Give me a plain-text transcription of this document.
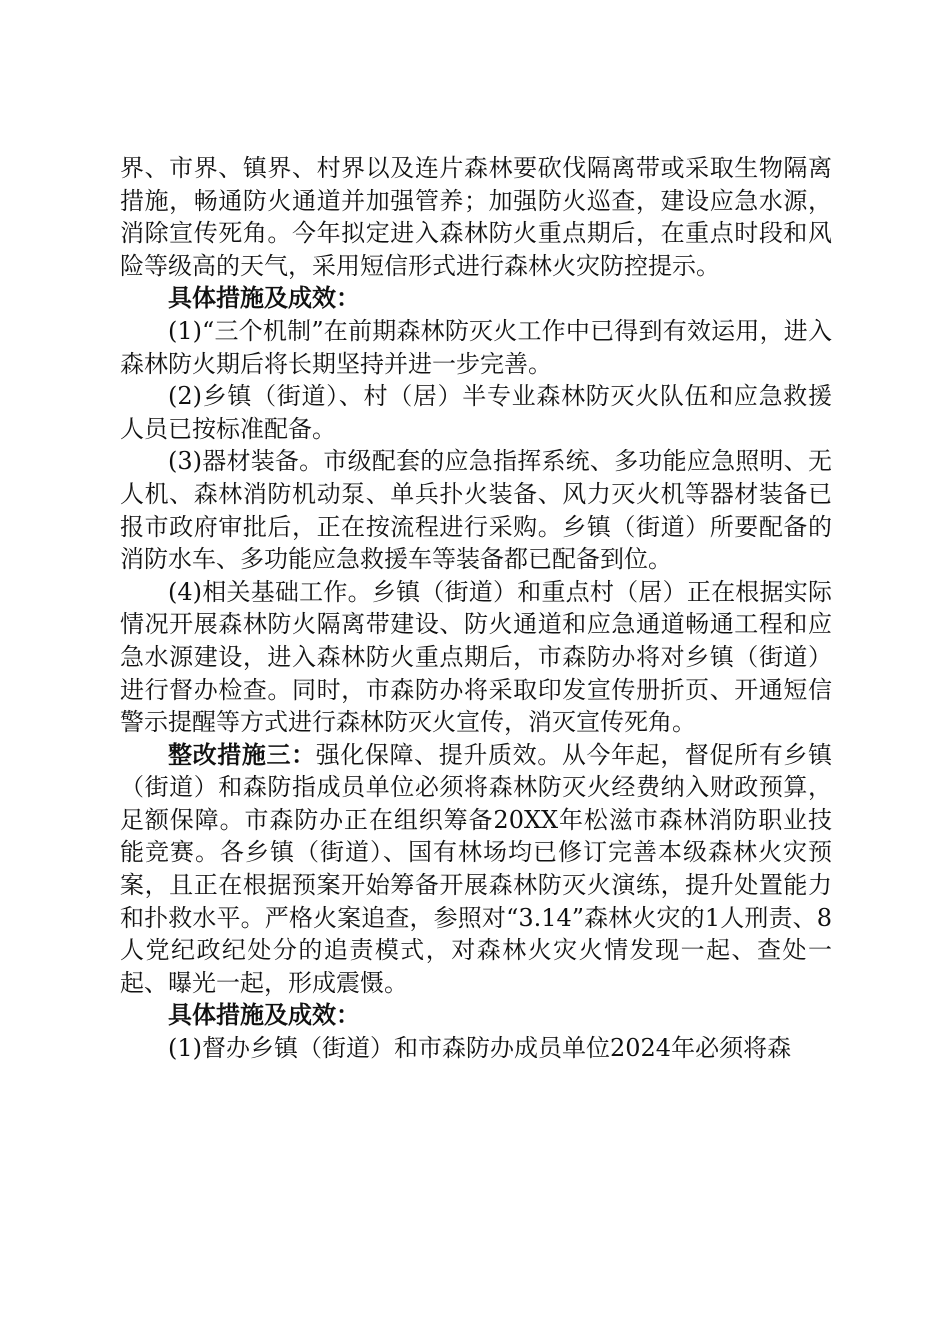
界、市界、镇界、村界以及连片森林要砍伐隔离带或采取生物隔离措施，畅通防火通道并加强管养；加强防火巡查，建设应急水源，消除宣传死角。今年拟定进入森林防火重点期后，在重点时段和风险等级高的天气，采用短信形式进行森林火灾防控提示。

具体措施及成效：

(1)“三个机制”在前期森林防灭火工作中已得到有效运用，进入森林防火期后将长期坚持并进一步完善。

(2)乡镇（街道）、村（居）半专业森林防灭火队伍和应急救援人员已按标准配备。

(3)器材装备。市级配套的应急指挥系统、多功能应急照明、无人机、森林消防机动泵、单兵扑火装备、风力灭火机等器材装备已报市政府审批后，正在按流程进行采购。乡镇（街道）所要配备的消防水车、多功能应急救援车等装备都已配备到位。

(4)相关基础工作。乡镇（街道）和重点村（居）正在根据实际情况开展森林防火隔离带建设、防火通道和应急通道畅通工程和应急水源建设，进入森林防火重点期后，市森防办将对乡镇（街道）进行督办检查。同时，市森防办将采取印发宣传册折页、开通短信警示提醒等方式进行森林防灭火宣传，消灭宣传死角。

整改措施三：强化保障、提升质效。从今年起，督促所有乡镇（街道）和森防指成员单位必须将森林防灭火经费纳入财政预算，足额保障。市森防办正在组织筹备20XX年松滋市森林消防职业技能竞赛。各乡镇（街道）、国有林场均已修订完善本级森林火灾预案，且正在根据预案开始筹备开展森林防灭火演练，提升处置能力和扑救水平。严格火案追查，参照对“3.14”森林火灾的1人刑责、8人党纪政纪处分的追责模式，对森林火灾火情发现一起、查处一起、曝光一起，形成震慑。

具体措施及成效：

(1)督办乡镇（街道）和市森防办成员单位2024年必须将森
